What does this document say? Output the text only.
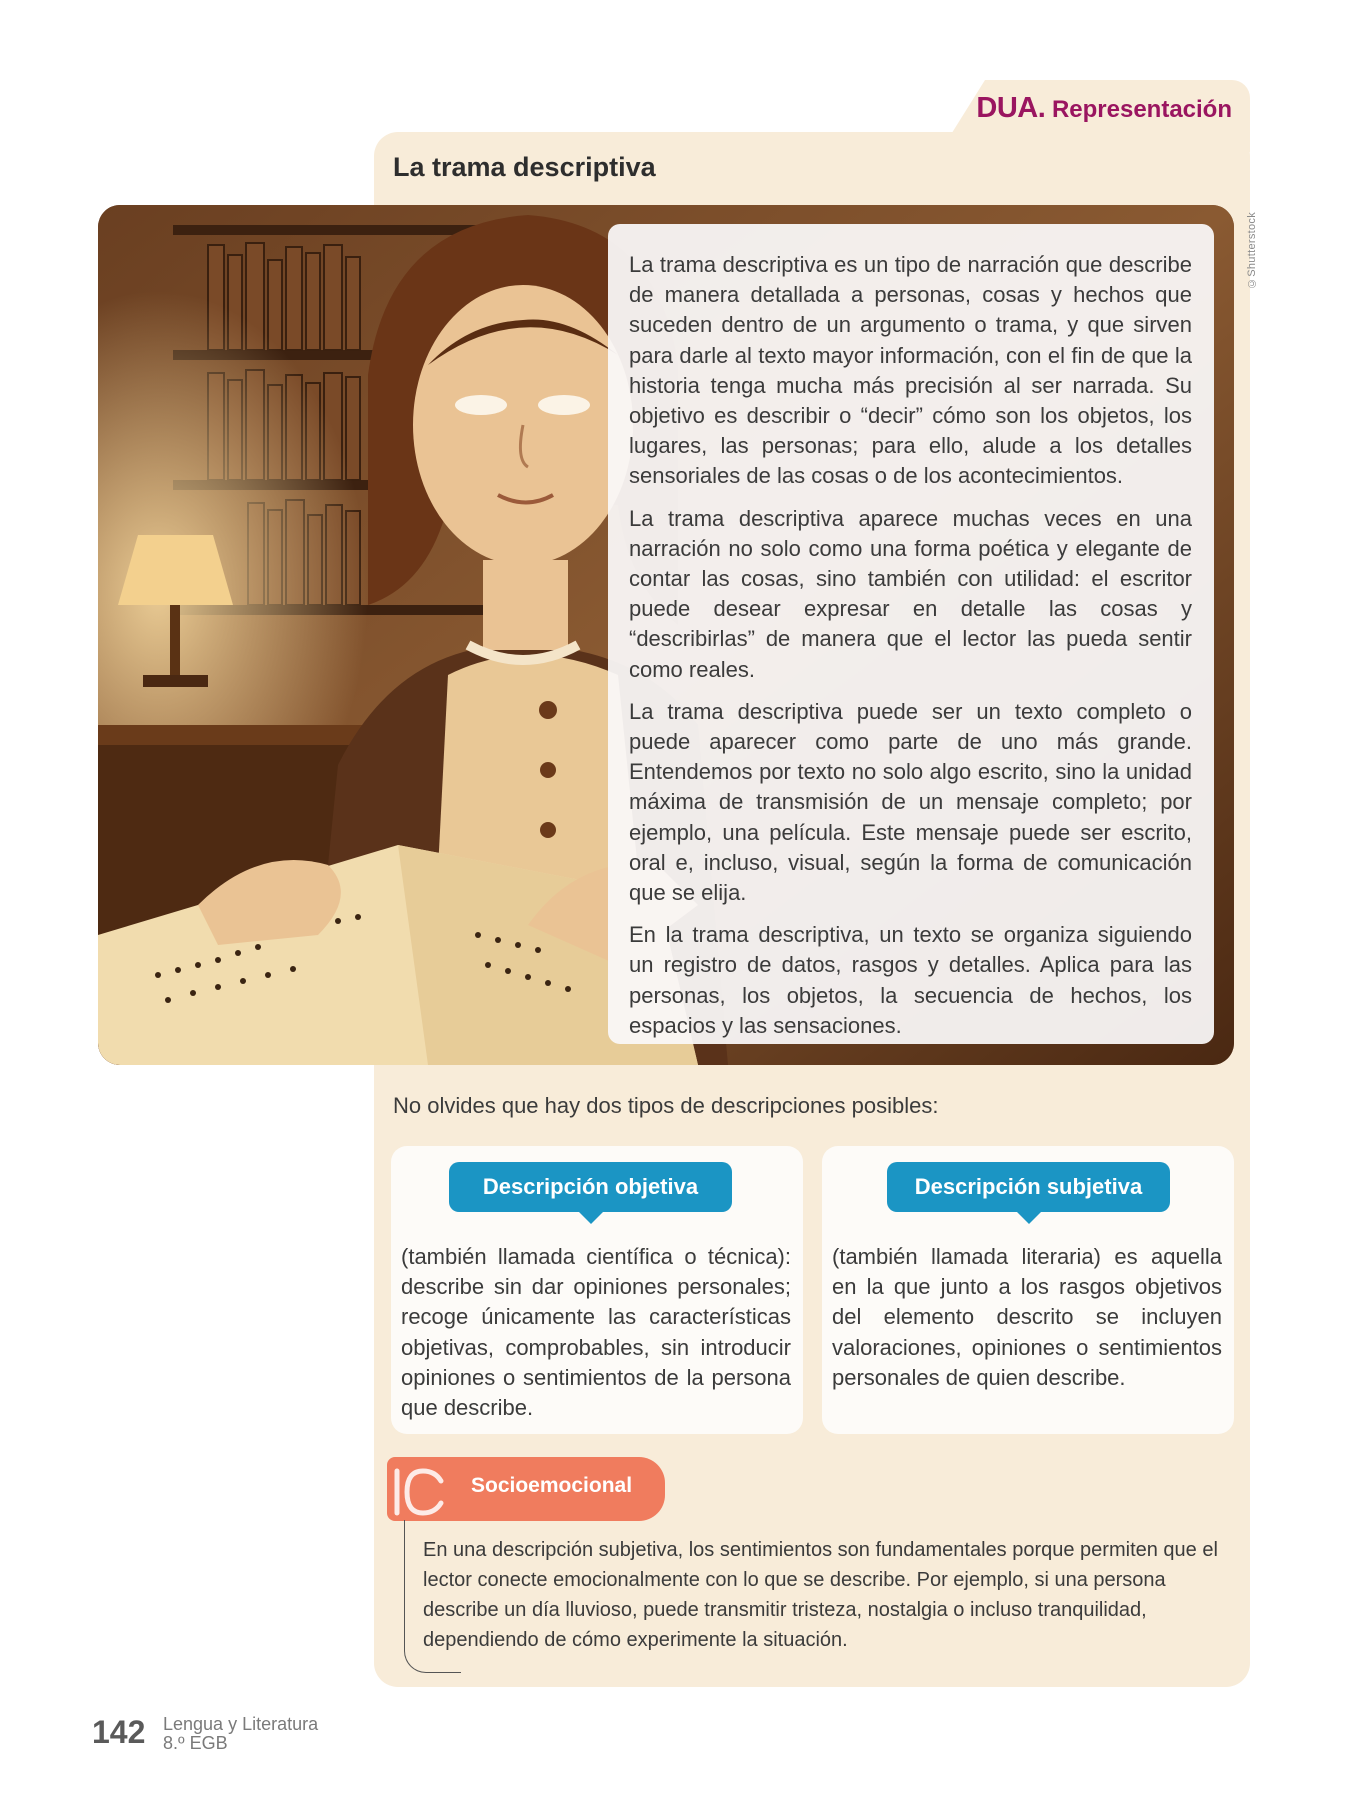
DUA. Representación
La trama descriptiva
©Shutterstock

La trama descriptiva es un tipo de narración que describe de manera detallada a personas, cosas y hechos que suceden dentro de un argumento o trama, y que sirven para darle al texto mayor información, con el fin de que la historia tenga mucha más precisión al ser narrada. Su objetivo es describir o “decir” cómo son los objetos, los lugares, las personas; para ello, alude a los detalles sensoriales de las cosas o de los acontecimientos.

La trama descriptiva aparece muchas veces en una narración no solo como una forma poética y elegante de contar las cosas, sino también con utilidad: el escritor puede desear expresar en detalle las cosas y “describirlas” de manera que el lector las pueda sentir como reales.

La trama descriptiva puede ser un texto completo o puede aparecer como parte de uno más grande. Entendemos por texto no solo algo escrito, sino la unidad máxima de transmisión de un mensaje completo; por ejemplo, una película. Este mensaje puede ser escrito, oral e, incluso, visual, según la forma de comunicación que se elija.

En la trama descriptiva, un texto se organiza siguiendo un registro de datos, rasgos y detalles. Aplica para las personas, los objetos, la secuencia de hechos, los espacios y las sensaciones.

No olvides que hay dos tipos de descripciones posibles:
Descripción objetiva
(también llamada científica o técnica): describe sin dar opiniones personales; recoge únicamente las características objetivas, comprobables, sin introducir opiniones o sentimientos de la persona que describe.
Descripción subjetiva
(también llamada literaria) es aquella en la que junto a los rasgos objetivos del elemento descrito se incluyen valoraciones, opiniones o sentimientos personales de quien describe.
Socioemocional
En una descripción subjetiva, los sentimientos son fundamentales porque permiten que el lector conecte emocionalmente con lo que se describe. Por ejemplo, si una persona describe un día lluvioso, puede transmitir tristeza, nostalgia o incluso tranquilidad, dependiendo de cómo experimente la situación.
142 Lengua y Literatura
8.º EGB
